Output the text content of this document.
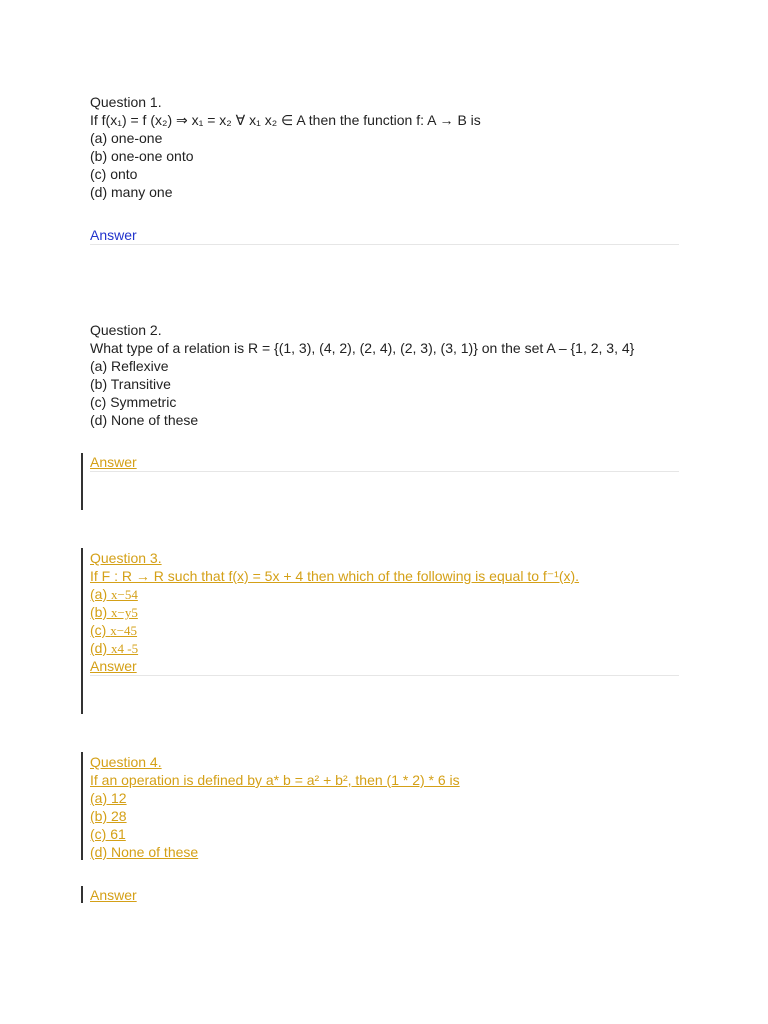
Question 1.
If f(x₁) = f (x₂) ⇒ x₁ = x₂ ∀ x₁ x₂ ∈ A then the function f: A → B is
(a) one-one
(b) one-one onto
(c) onto
(d) many one
Answer
Question 2.
What type of a relation is R = {(1, 3), (4, 2), (2, 4), (2, 3), (3, 1)} on the set A – {1, 2, 3, 4}
(a) Reflexive
(b) Transitive
(c) Symmetric
(d) None of these
Answer
Question 3.
If F : R → R such that f(x) = 5x + 4 then which of the following is equal to f⁻¹(x).
(a) x−54
(b) x−y5
(c) x−45
(d) x4 -5
Answer
Question 4.
If an operation is defined by a* b = a² + b², then (1 * 2) * 6 is
(a) 12
(b) 28
(c) 61
(d) None of these
Answer
